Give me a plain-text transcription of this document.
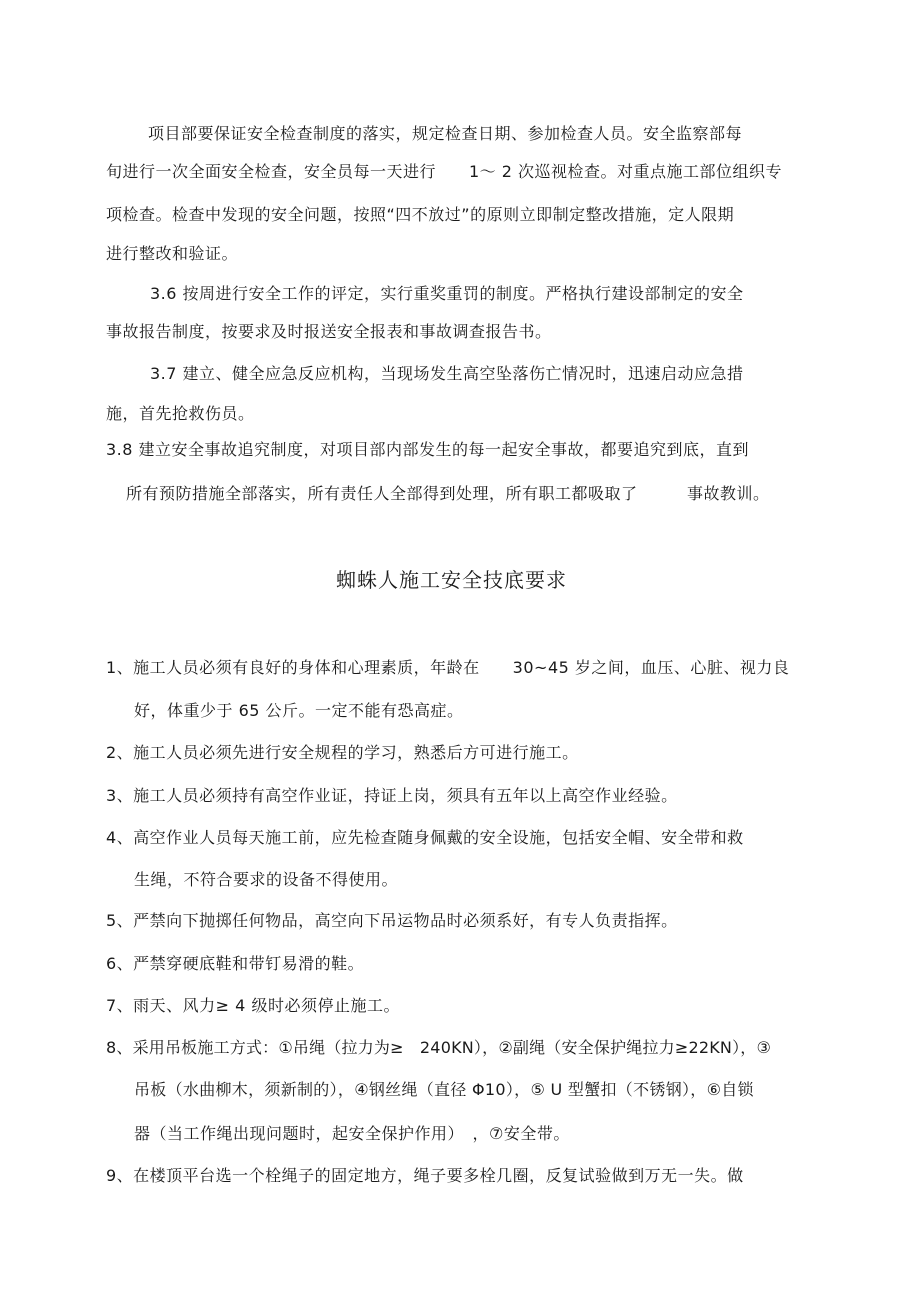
项目部要保证安全检查制度的落实，规定检查日期、参加检查人员。安全监察部每
旬进行一次全面安全检查，安全员每一天进行　　1～ 2 次巡视检查。对重点施工部位组织专
项检查。检查中发现的安全问题，按照“四不放过”的原则立即制定整改措施，定人限期
进行整改和验证。
3.6 按周进行安全工作的评定，实行重奖重罚的制度。严格执行建设部制定的安全
事故报告制度，按要求及时报送安全报表和事故调查报告书。
3.7 建立、健全应急反应机构，当现场发生高空坠落伤亡情况时，迅速启动应急措
施，首先抢救伤员。
3.8 建立安全事故追究制度，对项目部内部发生的每一起安全事故，都要追究到底，直到
所有预防措施全部落实，所有责任人全部得到处理，所有职工都吸取了　　　事故教训。
蜘蛛人施工安全技底要求
1、施工人员必须有良好的身体和心理素质，年龄在　　30~45 岁之间，血压、心脏、视力良
好，体重少于 65 公斤。一定不能有恐高症。
2、施工人员必须先进行安全规程的学习，熟悉后方可进行施工。
3、施工人员必须持有高空作业证，持证上岗，须具有五年以上高空作业经验。
4、高空作业人员每天施工前，应先检查随身佩戴的安全设施，包括安全帽、安全带和救
生绳，不符合要求的设备不得使用。
5、严禁向下抛掷任何物品，高空向下吊运物品时必须系好，有专人负责指挥。
6、严禁穿硬底鞋和带钉易滑的鞋。
7、雨天、风力≥ 4 级时必须停止施工。
8、采用吊板施工方式：①吊绳（拉力为≥　240KN），②副绳（安全保护绳拉力≥22KN），③
吊板（水曲柳木，须新制的），④钢丝绳（直径 Φ10），⑤ U 型蟹扣（不锈钢），⑥自锁
器（当工作绳出现问题时，起安全保护作用）　，⑦安全带。
9、在楼顶平台选一个栓绳子的固定地方，绳子要多栓几圈，反复试验做到万无一失。做
